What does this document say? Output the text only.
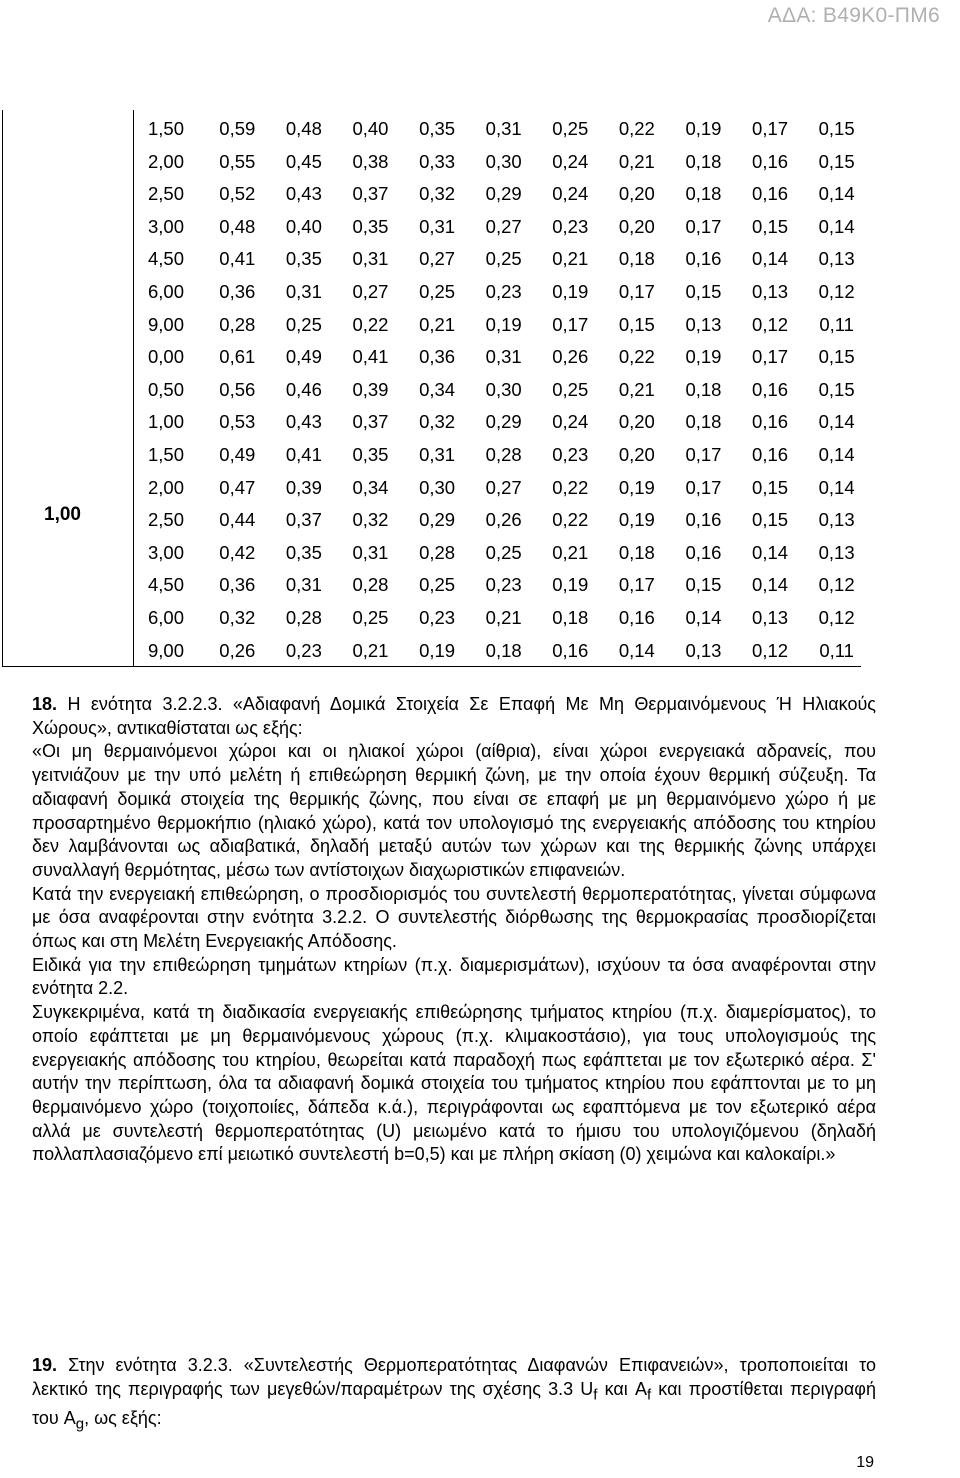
ΑΔΑ: Β49Κ0-ΠΜ6
1,00
1,50	0,59	0,48	0,40	0,35	0,31	0,25	0,22	0,19	0,17	0,15
2,00	0,55	0,45	0,38	0,33	0,30	0,24	0,21	0,18	0,16	0,15
2,50	0,52	0,43	0,37	0,32	0,29	0,24	0,20	0,18	0,16	0,14
3,00	0,48	0,40	0,35	0,31	0,27	0,23	0,20	0,17	0,15	0,14
4,50	0,41	0,35	0,31	0,27	0,25	0,21	0,18	0,16	0,14	0,13
6,00	0,36	0,31	0,27	0,25	0,23	0,19	0,17	0,15	0,13	0,12
9,00	0,28	0,25	0,22	0,21	0,19	0,17	0,15	0,13	0,12	0,11
0,00	0,61	0,49	0,41	0,36	0,31	0,26	0,22	0,19	0,17	0,15
0,50	0,56	0,46	0,39	0,34	0,30	0,25	0,21	0,18	0,16	0,15
1,00	0,53	0,43	0,37	0,32	0,29	0,24	0,20	0,18	0,16	0,14
1,50	0,49	0,41	0,35	0,31	0,28	0,23	0,20	0,17	0,16	0,14
2,00	0,47	0,39	0,34	0,30	0,27	0,22	0,19	0,17	0,15	0,14
2,50	0,44	0,37	0,32	0,29	0,26	0,22	0,19	0,16	0,15	0,13
3,00	0,42	0,35	0,31	0,28	0,25	0,21	0,18	0,16	0,14	0,13
4,50	0,36	0,31	0,28	0,25	0,23	0,19	0,17	0,15	0,14	0,12
6,00	0,32	0,28	0,25	0,23	0,21	0,18	0,16	0,14	0,13	0,12
9,00	0,26	0,23	0,21	0,19	0,18	0,16	0,14	0,13	0,12	0,11

18. Η ενότητα 3.2.2.3. «Αδιαφανή Δομικά Στοιχεία Σε Επαφή Με Μη Θερμαινόμενους Ή Ηλιακούς Χώρους», αντικαθίσταται ως εξής:

«Οι μη θερμαινόμενοι χώροι και οι ηλιακοί χώροι (αίθρια), είναι χώροι ενεργειακά αδρανείς, που γειτνιάζουν με την υπό μελέτη ή επιθεώρηση θερμική ζώνη, με την οποία έχουν θερμική σύζευξη. Τα αδιαφανή δομικά στοιχεία της θερμικής ζώνης, που είναι σε επαφή με μη θερμαινόμενο χώρο ή με προσαρτημένο θερμοκήπιο (ηλιακό χώρο), κατά τον υπολογισμό της ενεργειακής απόδοσης του κτηρίου δεν λαμβάνονται ως αδιαβατικά, δηλαδή μεταξύ αυτών των χώρων και της θερμικής ζώνης υπάρχει συναλλαγή θερμότητας, μέσω των αντίστοιχων διαχωριστικών επιφανειών.

Κατά την ενεργειακή επιθεώρηση, ο προσδιορισμός του συντελεστή θερμοπερατότητας, γίνεται σύμφωνα με όσα αναφέρονται στην ενότητα 3.2.2. Ο συντελεστής διόρθωσης της θερμοκρασίας προσδιορίζεται όπως και στη Μελέτη Ενεργειακής Απόδοσης.

Ειδικά για την επιθεώρηση τμημάτων κτηρίων (π.χ. διαμερισμάτων), ισχύουν τα όσα αναφέρονται στην ενότητα 2.2.

Συγκεκριμένα, κατά τη διαδικασία ενεργειακής επιθεώρησης τμήματος κτηρίου (π.χ. διαμερίσματος), το οποίο εφάπτεται με μη θερμαινόμενους χώρους (π.χ. κλιμακοστάσιο), για τους υπολογισμούς της ενεργειακής απόδοσης του κτηρίου, θεωρείται κατά παραδοχή πως εφάπτεται με τον εξωτερικό αέρα. Σ' αυτήν την περίπτωση, όλα τα αδιαφανή δομικά στοιχεία του τμήματος κτηρίου που εφάπτονται με το μη θερμαινόμενο χώρο (τοιχοποιίες, δάπεδα κ.ά.), περιγράφονται ως εφαπτόμενα με τον εξωτερικό αέρα αλλά με συντελεστή θερμοπερατότητας (U) μειωμένο κατά το ήμισυ του υπολογιζόμενου (δηλαδή πολλαπλασιαζόμενο επί μειωτικό συντελεστή b=0,5) και με πλήρη σκίαση (0) χειμώνα και καλοκαίρι.»

19. Στην ενότητα 3.2.3. «Συντελεστής Θερμοπερατότητας Διαφανών Επιφανειών», τροποποιείται το λεκτικό της περιγραφής των μεγεθών/παραμέτρων της σχέσης 3.3 $U_f$ και $A_f$ και προστίθεται περιγραφή του $A_g$, ως εξής:

19
